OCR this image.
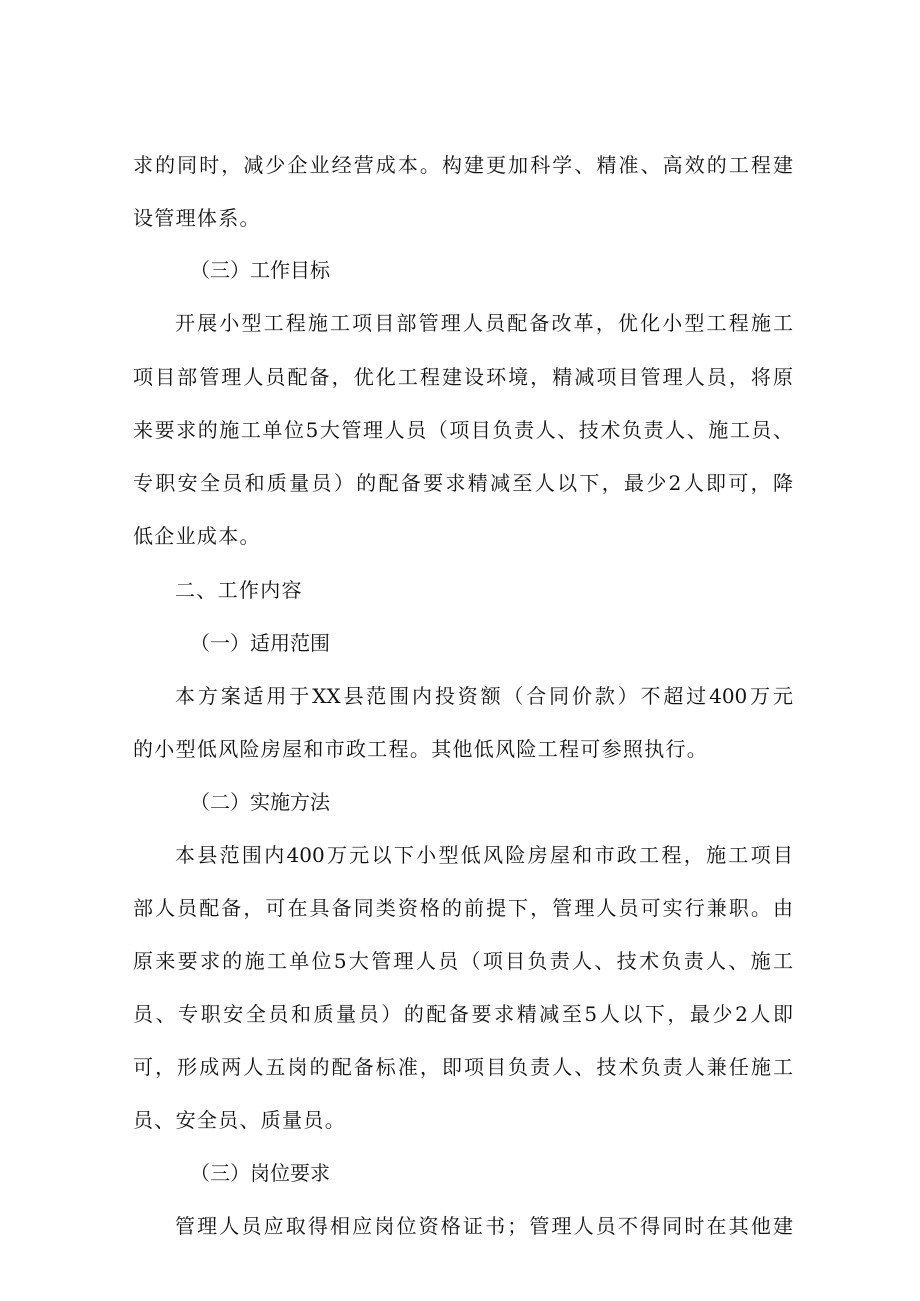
求的同时，减少企业经营成本。构建更加科学、精准、高效的工程建
设管理体系。
（三）工作目标
开展小型工程施工项目部管理人员配备改革，优化小型工程施工
项目部管理人员配备，优化工程建设环境，精减项目管理人员，将原
来要求的施工单位5大管理人员（项目负责人、技术负责人、施工员、
专职安全员和质量员）的配备要求精减至人以下，最少2人即可，降
低企业成本。
二、工作内容
（一）适用范围
本方案适用于XX县范围内投资额（合同价款）不超过400万元
的小型低风险房屋和市政工程。其他低风险工程可参照执行。
（二）实施方法
本县范围内400万元以下小型低风险房屋和市政工程，施工项目
部人员配备，可在具备同类资格的前提下，管理人员可实行兼职。由
原来要求的施工单位5大管理人员（项目负责人、技术负责人、施工
员、专职安全员和质量员）的配备要求精减至5人以下，最少2人即
可，形成两人五岗的配备标准，即项目负责人、技术负责人兼任施工
员、安全员、质量员。
（三）岗位要求
管理人员应取得相应岗位资格证书；管理人员不得同时在其他建
